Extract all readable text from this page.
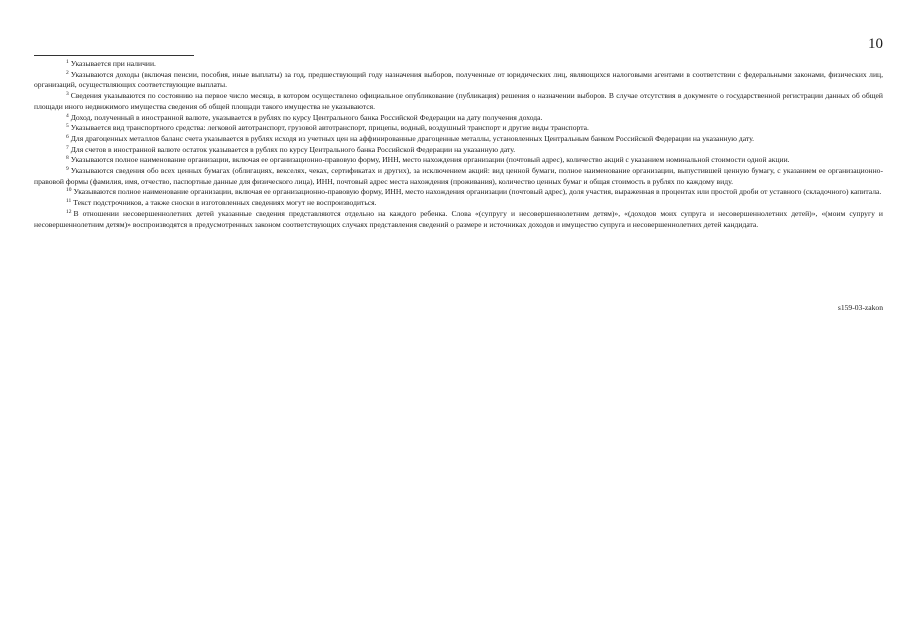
10

$^1$ Указывается при наличии.

$^2$ Указываются доходы (включая пенсии, пособия, иные выплаты) за год, предшествующий году назначения выборов, полученные от юридических лиц, являющихся налоговыми агентами в соответствии с федеральными законами, физических лиц, организаций, осуществляющих соответствующие выплаты.

$^3$ Сведения указываются по состоянию на первое число месяца, в котором осуществлено официальное опубликование (публикация) решения о назначении выборов. В случае отсутствия в документе о государственной регистрации данных об общей площади иного недвижимого имущества сведения об общей площади такого имущества не указываются.

$^4$ Доход, полученный в иностранной валюте, указывается в рублях по курсу Центрального банка Российской Федерации на дату получения дохода.

$^5$ Указывается вид транспортного средства: легковой автотранспорт, грузовой автотранспорт, прицепы, водный, воздушный транспорт и другие виды транспорта.

$^6$ Для драгоценных металлов баланс счета указывается в рублях исходя из учетных цен на аффинированные драгоценные металлы, установленных Центральным банком Российской Федерации на указанную дату.

$^7$ Для счетов в иностранной валюте остаток указывается в рублях по курсу Центрального банка Российской Федерации на указанную дату.

$^8$ Указываются полное наименование организации, включая ее организационно-правовую форму, ИНН, место нахождения организации (почтовый адрес), количество акций с указанием номинальной стоимости одной акции.

$^9$ Указываются сведения обо всех ценных бумагах (облигациях, векселях, чеках, сертификатах и других), за исключением акций: вид ценной бумаги, полное наименование организации, выпустившей ценную бумагу, с указанием ее организационно-правовой формы (фамилия, имя, отчество, паспортные данные для физического лица), ИНН, почтовый адрес места нахождения (проживания), количество ценных бумаг и общая стоимость в рублях по каждому виду.

$^{10}$ Указываются полное наименование организации, включая ее организационно-правовую форму, ИНН, место нахождения организации (почтовый адрес), доля участия, выраженная в процентах или простой дроби от уставного (складочного) капитала.

$^{11}$ Текст подстрочников, а также сноски в изготовленных сведениях могут не воспроизводиться.

$^{12}$ В отношении несовершеннолетних детей указанные сведения представляются отдельно на каждого ребенка. Слова «(супругу и несовершеннолетним детям)», «(доходов моих супруга и несовершеннолетних детей)», «(моим супругу и несовершеннолетним детям)» воспроизводятся в предусмотренных законом соответствующих случаях представления сведений о размере и источниках доходов и имущество супруга и несовершеннолетних детей кандидата.

s159-03-zakon
